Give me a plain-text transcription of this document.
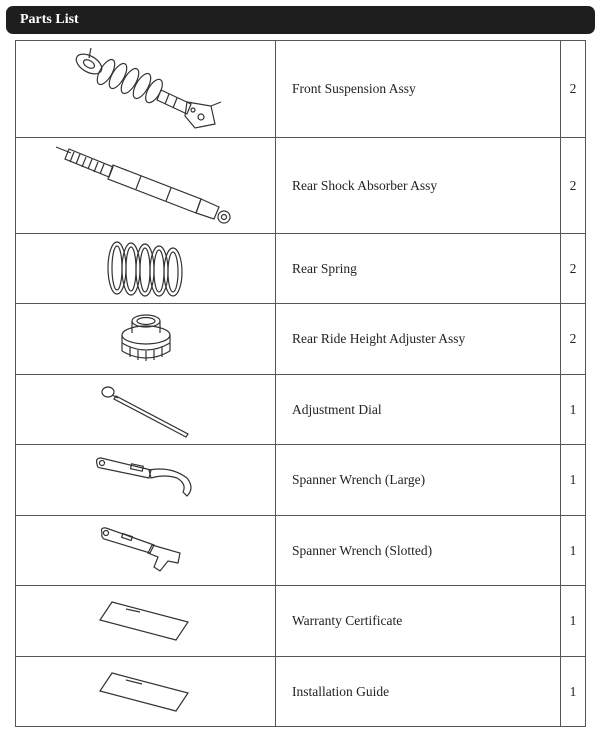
Parts List
	Front Suspension Assy	2

	Rear Shock Absorber Assy	2

	Rear Spring	2

	Rear Ride Height Adjuster Assy	2

	Adjustment Dial	1

	Spanner Wrench (Large)	1

	Spanner Wrench (Slotted)	1

	Warranty Certificate	1

	Installation Guide	1
